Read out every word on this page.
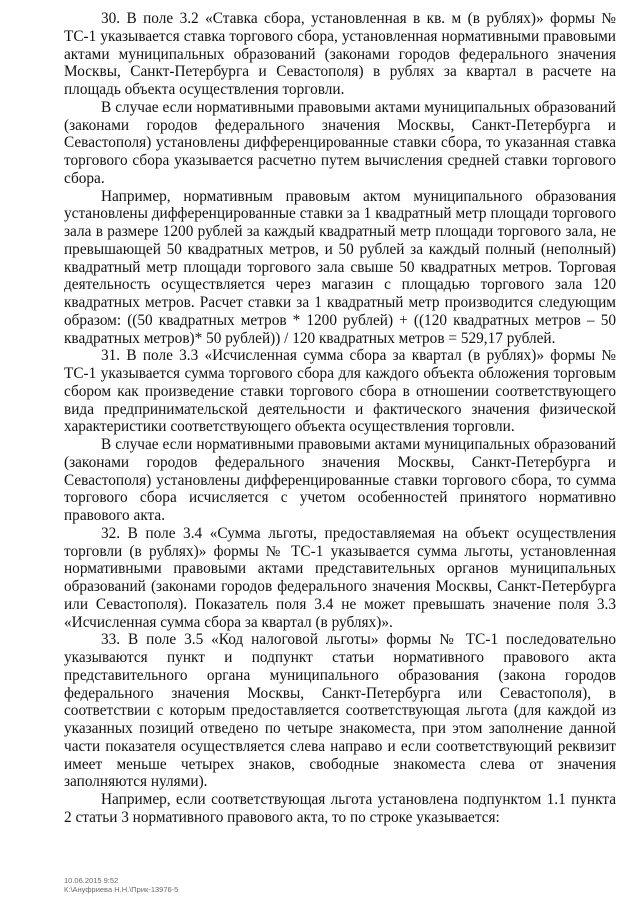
30. В поле 3.2 «Ставка сбора, установленная в кв. м (в рублях)» формы № ТС-1 указывается ставка торгового сбора, установленная нормативными правовыми актами муниципальных образований (законами городов федерального значения Москвы, Санкт-Петербурга и Севастополя) в рублях за квартал в расчете на площадь объекта осуществления торговли.

В случае если нормативными правовыми актами муниципальных образований (законами городов федерального значения Москвы, Санкт-Петербурга и Севастополя) установлены дифференцированные ставки сбора, то указанная ставка торгового сбора указывается расчетно путем вычисления средней ставки торгового сбора.

Например, нормативным правовым актом муниципального образования установлены дифференцированные ставки за 1 квадратный метр площади торгового зала в размере 1200 рублей за каждый квадратный метр площади торгового зала, не превышающей 50 квадратных метров, и 50 рублей за каждый полный (неполный) квадратный метр площади торгового зала свыше 50 квадратных метров. Торговая деятельность осуществляется через магазин с площадью торгового зала 120 квадратных метров. Расчет ставки за 1 квадратный метр производится следующим образом: ((50 квадратных метров * 1200 рублей) + ((120 квадратных метров – 50 квадратных метров)* 50 рублей)) / 120 квадратных метров = 529,17 рублей.

31. В поле 3.3 «Исчисленная сумма сбора за квартал (в рублях)» формы № ТС-1 указывается сумма торгового сбора для каждого объекта обложения торговым сбором как произведение ставки торгового сбора в отношении соответствующего вида предпринимательской деятельности и фактического значения физической характеристики соответствующего объекта осуществления торговли.

В случае если нормативными правовыми актами муниципальных образований (законами городов федерального значения Москвы, Санкт-Петербурга и Севастополя) установлены дифференцированные ставки торгового сбора, то сумма торгового сбора исчисляется с учетом особенностей принятого нормативно правового акта.

32. В поле 3.4 «Сумма льготы, предоставляемая на объект осуществления торговли (в рублях)» формы № ТС-1 указывается сумма льготы, установленная нормативными правовыми актами представительных органов муниципальных образований (законами городов федерального значения Москвы, Санкт-Петербурга или Севастополя). Показатель поля 3.4 не может превышать значение поля 3.3 «Исчисленная сумма сбора за квартал (в рублях)».

33. В поле 3.5 «Код налоговой льготы» формы № ТС-1 последовательно указываются пункт и подпункт статьи нормативного правового акта представительного органа муниципального образования (закона городов федерального значения Москвы, Санкт-Петербурга или Севастополя), в соответствии с которым предоставляется соответствующая льгота (для каждой из указанных позиций отведено по четыре знакоместа, при этом заполнение данной части показателя осуществляется слева направо и если соответствующий реквизит имеет меньше четырех знаков, свободные знакоместа слева от значения заполняются нулями).

Например, если соответствующая льгота установлена подпунктом 1.1 пункта 2 статьи 3 нормативного правового акта, то по строке указывается:

10.06.2015 9:52
К:\Ануфриева Н.Н.\Прик-13976-5
